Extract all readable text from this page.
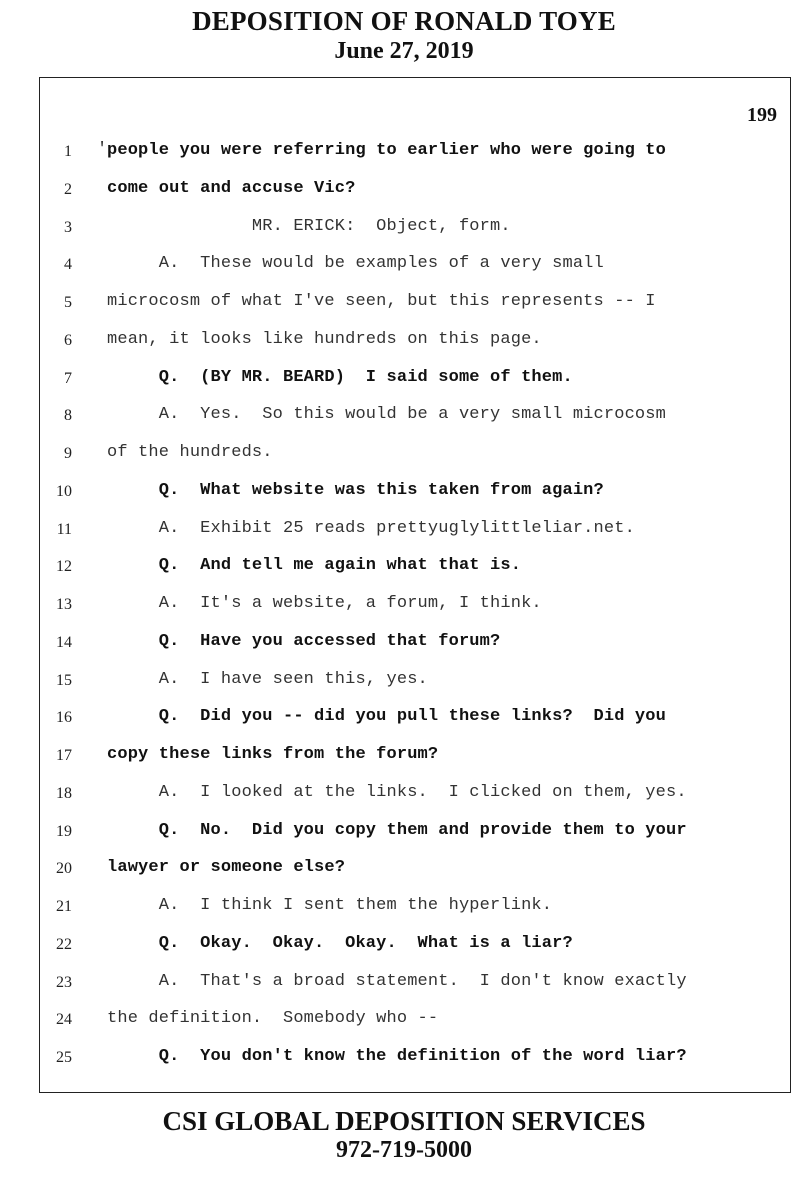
DEPOSITION OF RONALD TOYE
June 27, 2019
199
1 ' people you were referring to earlier who were going to
2 come out and accuse Vic?
3 MR. ERICK:  Object, form.
4 A.  These would be examples of a very small
5 microcosm of what I've seen, but this represents -- I
6 mean, it looks like hundreds on this page.
7 Q.  (BY MR. BEARD)  I said some of them.
8 A.  Yes.  So this would be a very small microcosm
9 of the hundreds.
10 Q.  What website was this taken from again?
11 A.  Exhibit 25 reads prettyuglylittleliar.net.
12 Q.  And tell me again what that is.
13 A.  It's a website, a forum, I think.
14 Q.  Have you accessed that forum?
15 A.  I have seen this, yes.
16 Q.  Did you -- did you pull these links?  Did you
17 copy these links from the forum?
18 A.  I looked at the links.  I clicked on them, yes.
19 Q.  No.  Did you copy them and provide them to your
20 lawyer or someone else?
21 A.  I think I sent them the hyperlink.
22 Q.  Okay.  Okay.  Okay.  What is a liar?
23 A.  That's a broad statement.  I don't know exactly
24 the definition.  Somebody who --
25 Q.  You don't know the definition of the word liar?
CSI GLOBAL DEPOSITION SERVICES
972-719-5000
